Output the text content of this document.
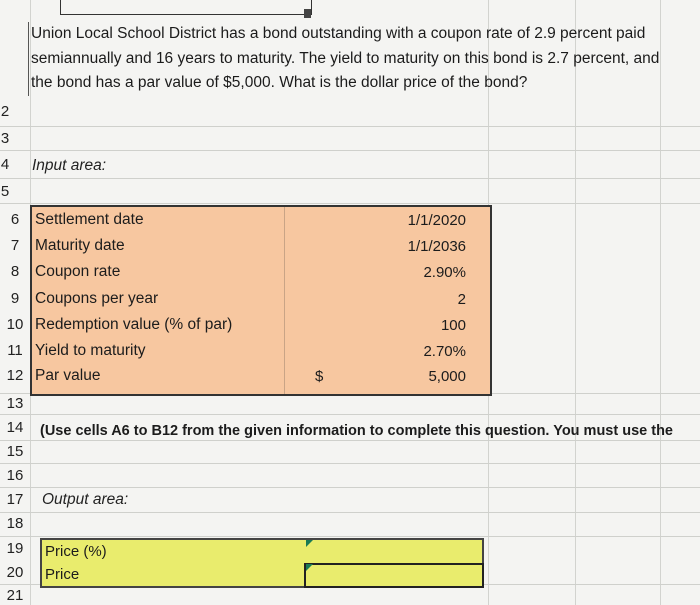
Union Local School District has a bond outstanding with a coupon rate of 2.9 percent paid semiannually and 16 years to maturity. The yield to maturity on this bond is 2.7 percent, and the bond has a par value of $5,000. What is the dollar price of the bond?
2
3
4
5
6
7
8
9
10
11
12
13
14
15
16
17
18
19
20
21
Input area:
Settlement date	1/1/2020
Maturity date	1/1/2036
Coupon rate	2.90%
Coupons per year	2
Redemption value (% of par)	100
Yield to maturity	2.70%
Par value	$	5,000
(Use cells A6 to B12 from the given information to complete this question. You must use the
Output area:
Price (%)
Price
